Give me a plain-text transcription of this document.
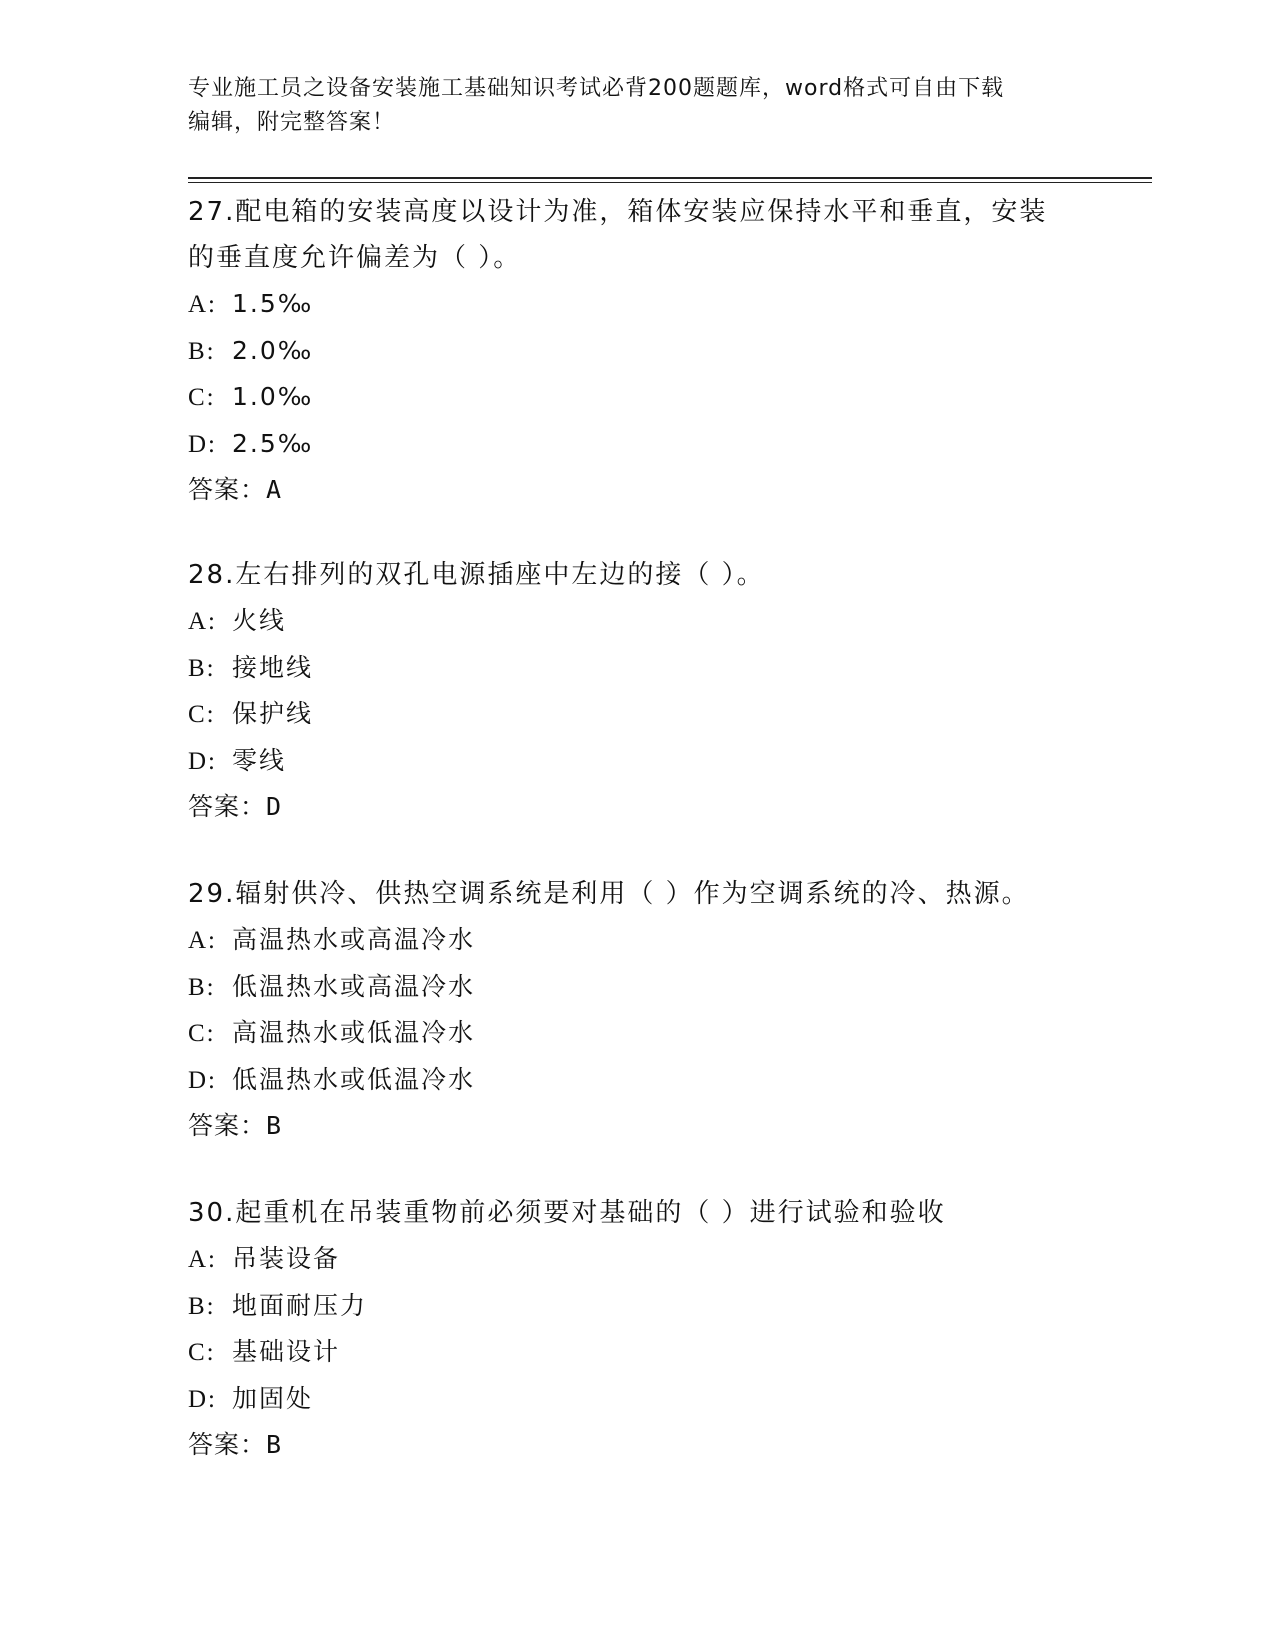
专业施工员之设备安装施工基础知识考试必背200题题库，word格式可自由下载
编辑，附完整答案！
27.配电箱的安装高度以设计为准，箱体安装应保持水平和垂直，安装
的垂直度允许偏差为（ ）。
A: 1.5‰
B: 2.0‰
C: 1.0‰
D: 2.5‰
答案：A
28.左右排列的双孔电源插座中左边的接（ ）。
A: 火线
B: 接地线
C: 保护线
D: 零线
答案：D
29.辐射供冷、供热空调系统是利用（ ）作为空调系统的冷、热源。
A: 高温热水或高温冷水
B: 低温热水或高温冷水
C: 高温热水或低温冷水
D: 低温热水或低温冷水
答案：B
30.起重机在吊装重物前必须要对基础的（ ）进行试验和验收
A: 吊装设备
B: 地面耐压力
C: 基础设计
D: 加固处
答案：B
